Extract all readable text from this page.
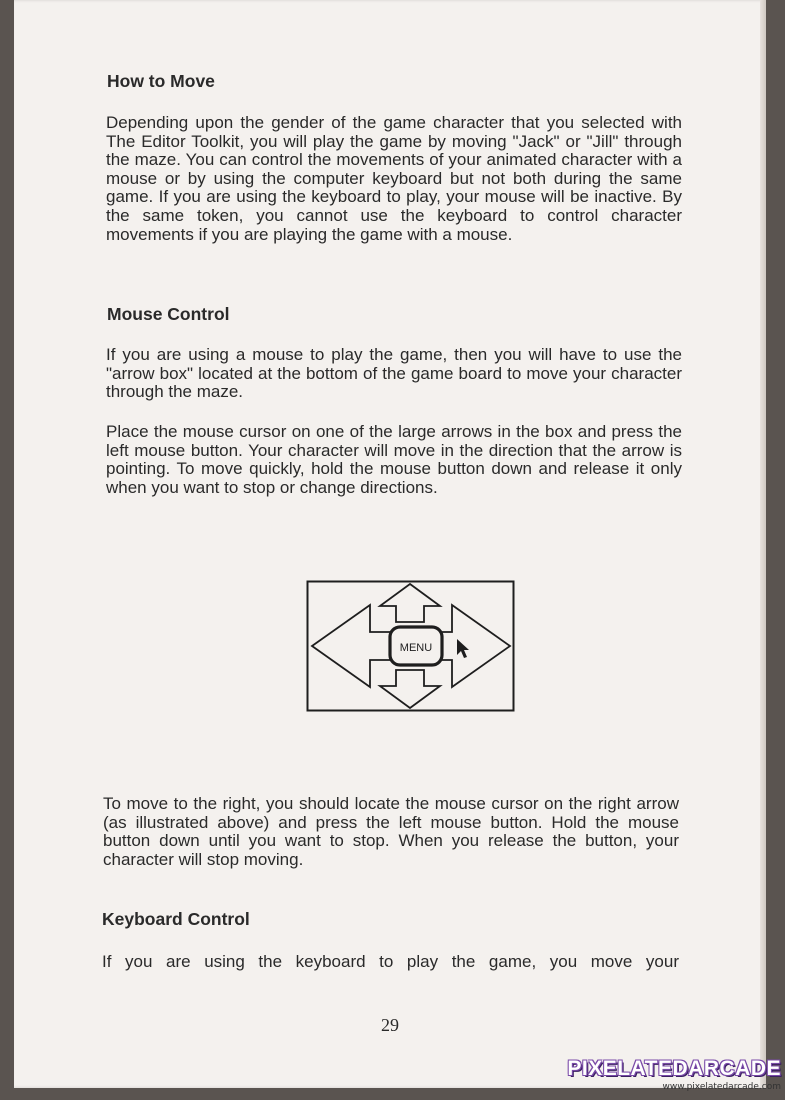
How to Move
Depending upon the gender of the game character that you selected with The Editor Toolkit, you will play the game by moving "Jack" or "Jill" through the maze. You can control the movements of your animated character with a mouse or by using the computer keyboard but not both during the same game. If you are using the keyboard to play, your mouse will be inactive. By the same token, you cannot use the keyboard to control character movements if you are playing the game with a mouse.
Mouse Control
If you are using a mouse to play the game, then you will have to use the "arrow box" located at the bottom of the game board to move your character through the maze.
Place the mouse cursor on one of the large arrows in the box and press the left mouse button. Your character will move in the direction that the arrow is pointing. To move quickly, hold the mouse button down and release it only when you want to stop or change directions.
MENU
To move to the right, you should locate the mouse cursor on the right arrow (as illustrated above) and press the left mouse button. Hold the mouse button down until you want to stop. When you release the button, your character will stop moving.
Keyboard Control
If you are using the keyboard to play the game, you move your
29
PIXELATEDARCADE
www.pixelatedarcade.com
